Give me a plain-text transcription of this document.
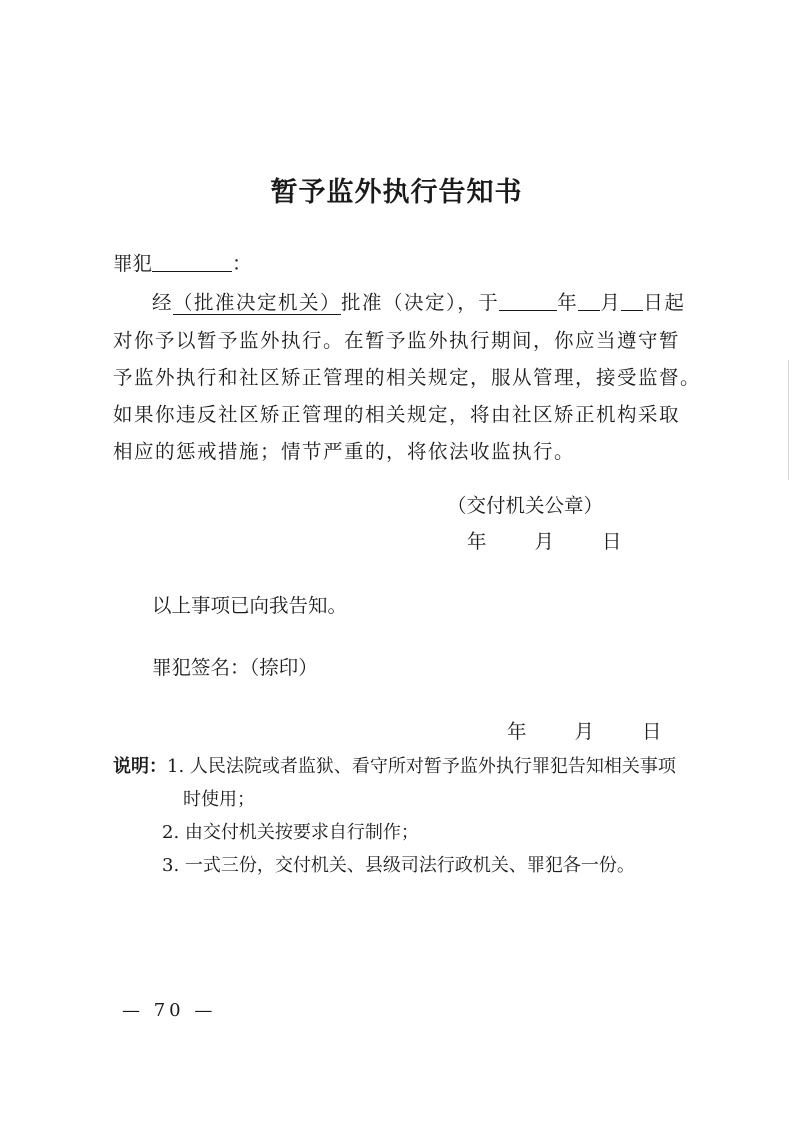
暂予监外执行告知书
罪犯	：
经（批准决定机关）批准（决定），于	年 月 日起
对你予以暂予监外执行。在暂予监外执行期间，你应当遵守暂
予监外执行和社区矫正管理的相关规定，服从管理，接受监督。
如果你违反社区矫正管理的相关规定，将由社区矫正机构采取
相应的惩戒措施；情节严重的，将依法收监执行。
（交付机关公章）
年 月 日
以上事项已向我告知。
罪犯签名：（捺印）
年 月 日
说明：1. 人民法院或者监狱、看守所对暂予监外执行罪犯告知相关事项
时使用；
2. 由交付机关按要求自行制作；
3. 一式三份，交付机关、县级司法行政机关、罪犯各一份。
— 70 —
